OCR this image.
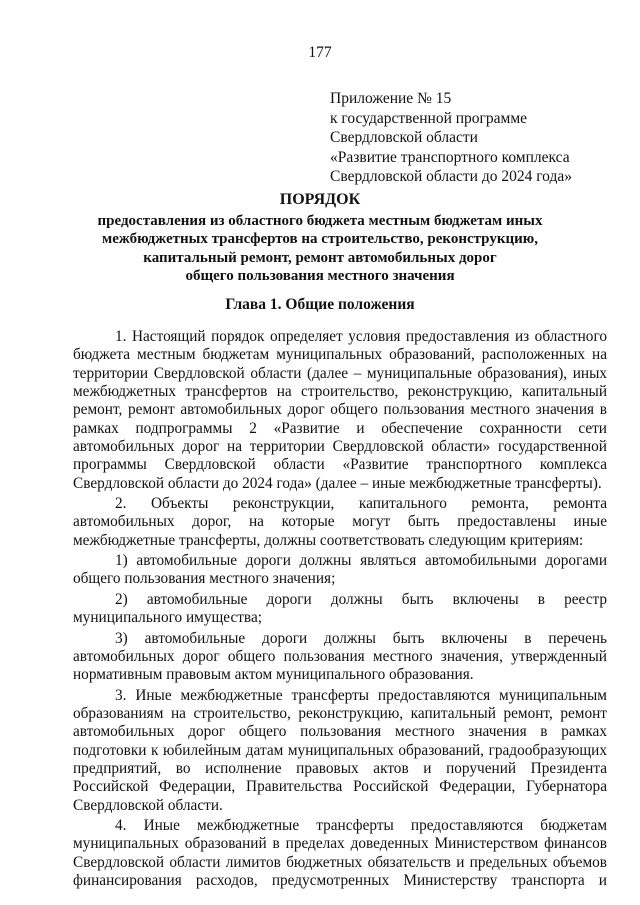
177
Приложение № 15
к государственной программе
Свердловской области
«Развитие транспортного комплекса
Свердловской области до 2024 года»
ПОРЯДОК
предоставления из областного бюджета местным бюджетам иных
межбюджетных трансфертов на строительство, реконструкцию,
капитальный ремонт, ремонт автомобильных дорог
общего пользования местного значения
Глава 1. Общие положения

1. Настоящий порядок определяет условия предоставления из областного бюджета местным бюджетам муниципальных образований, расположенных на территории Свердловской области (далее – муниципальные образования), иных межбюджетных трансфертов на строительство, реконструкцию, капитальный ремонт, ремонт автомобильных дорог общего пользования местного значения в рамках подпрограммы 2 «Развитие и обеспечение сохранности сети автомобильных дорог на территории Свердловской области» государственной программы Свердловской области «Развитие транспортного комплекса Свердловской области до 2024 года» (далее – иные межбюджетные трансферты).

2. Объекты реконструкции, капитального ремонта, ремонта автомобильных дорог, на которые могут быть предоставлены иные межбюджетные трансферты, должны соответствовать следующим критериям:

1) автомобильные дороги должны являться автомобильными дорогами общего пользования местного значения;

2) автомобильные дороги должны быть включены в реестр муниципального имущества;

3) автомобильные дороги должны быть включены в перечень автомобильных дорог общего пользования местного значения, утвержденный нормативным правовым актом муниципального образования.

3. Иные межбюджетные трансферты предоставляются муниципальным образованиям на строительство, реконструкцию, капитальный ремонт, ремонт автомобильных дорог общего пользования местного значения в рамках подготовки к юбилейным датам муниципальных образований, градообразующих предприятий, во исполнение правовых актов и поручений Президента Российской Федерации, Правительства Российской Федерации, Губернатора Свердловской области.

4. Иные межбюджетные трансферты предоставляются бюджетам муниципальных образований в пределах доведенных Министерством финансов Свердловской области лимитов бюджетных обязательств и предельных объемов финансирования расходов, предусмотренных Министерству транспорта и
